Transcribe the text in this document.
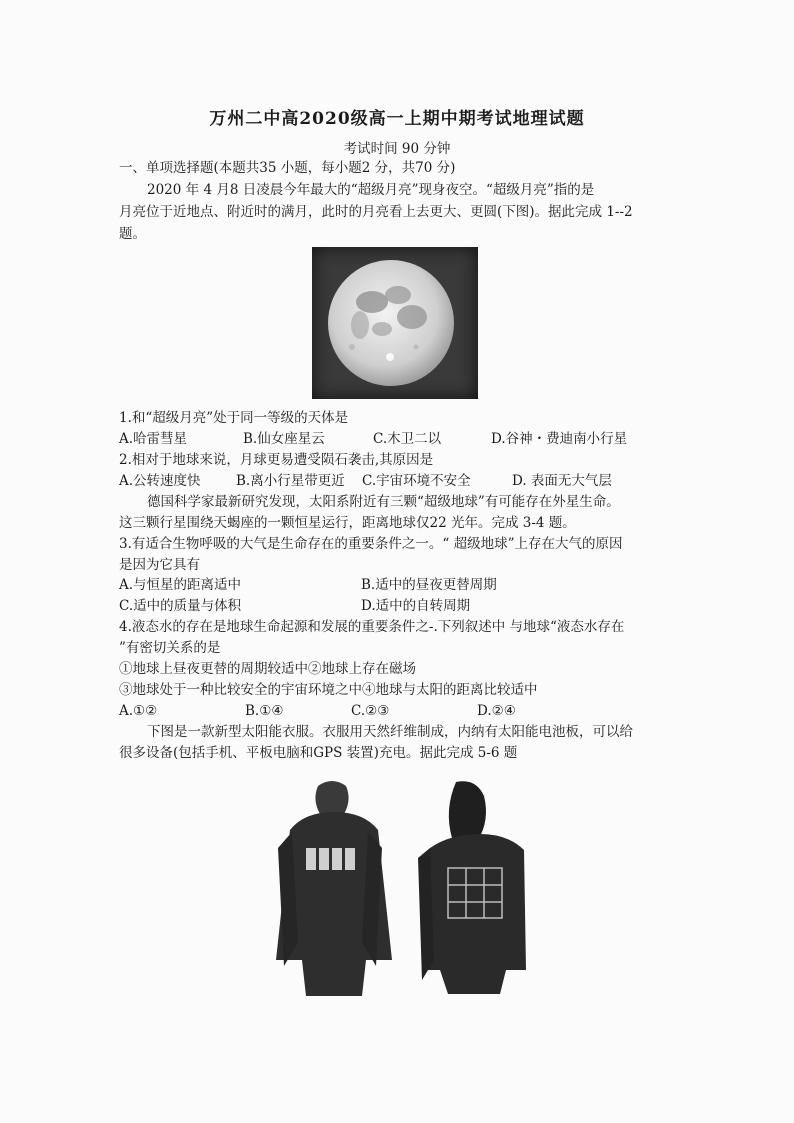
万州二中高2020级高一上期中期考试地理试题
考试时间 90 分钟
一、单项选择题(本题共35 小题，每小题2 分，共70 分)
2020 年 4 月8 日凌晨今年最大的“超级月亮”现身夜空。“超级月亮”指的是
月亮位于近地点、附近时的满月，此时的月亮看上去更大、更圆(下图)。据此完成 1--2
题。
1.和“超级月亮”处于同一等级的天体是
A.哈雷彗星	B.仙女座星云	C.木卫二以	D.谷神・费迪南小行星
2.相对于地球来说，月球更易遭受陨石袭击,其原因是
A.公转速度快	B.离小行星带更近 C.宇宙环境不安全	D. 表面无大气层
德国科学家最新研究发现，太阳系附近有三颗“超级地球”有可能存在外星生命。
这三颗行星围绕天蝎座的一颗恒星运行，距离地球仅22 光年。完成 3-4 题。
3.有适合生物呼吸的大气是生命存在的重要条件之一。“ 超级地球”上存在大气的原因
是因为它具有
A.与恒星的距离适中	B.适中的昼夜更替周期
C.适中的质量与体积	D.适中的自转周期
4.液态水的存在是地球生命起源和发展的重要条件之-.下列叙述中 与地球“液态水存在
”有密切关系的是
①地球上昼夜更替的周期较适中②地球上存在磁场
③地球处于一种比较安全的宇宙环境之中④地球与太阳的距离比较适中
A.①②	B.①④	C.②③	D.②④
下图是一款新型太阳能衣服。衣服用天然纤维制成，内纳有太阳能电池板，可以给
很多设备(包括手机、平板电脑和GPS 装置)充电。据此完成 5-6 题
